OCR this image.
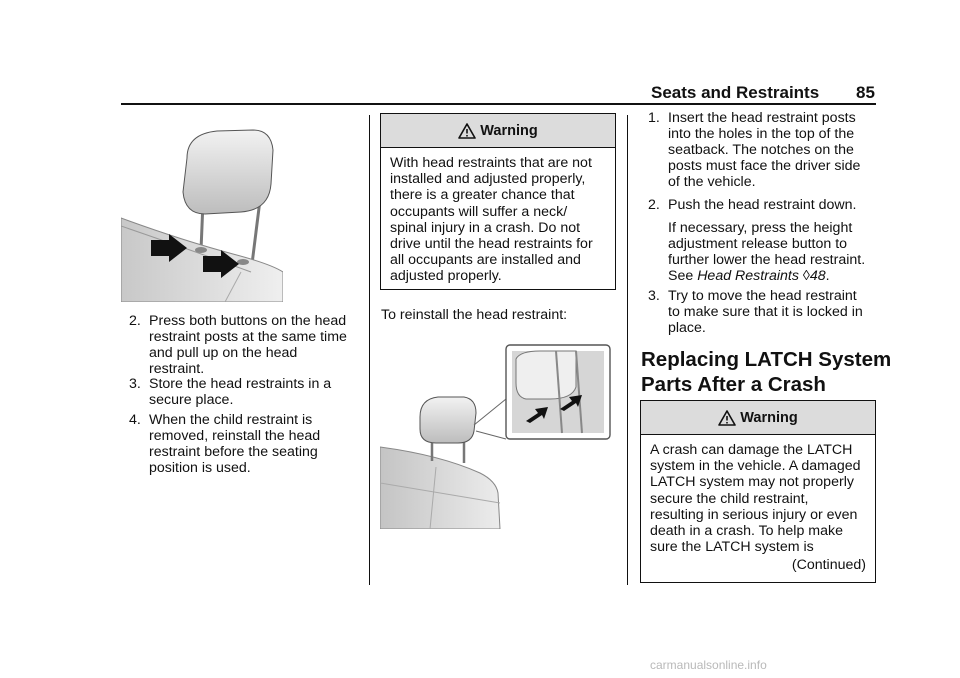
Seats and Restraints 85
2. Press both buttons on the head
restraint posts at the same time
and pull up on the head
restraint.
3. Store the head restraints in a
secure place.
4. When the child restraint is
removed, reinstall the head
restraint before the seating
position is used.
Warning
With head restraints that are not
installed and adjusted properly,
there is a greater chance that
occupants will suffer a neck/
spinal injury in a crash. Do not
drive until the head restraints for
all occupants are installed and
adjusted properly.
To reinstall the head restraint:
1. Insert the head restraint posts
into the holes in the top of the
seatback. The notches on the
posts must face the driver side
of the vehicle.
2. Push the head restraint down.
If necessary, press the height
adjustment release button to
further lower the head restraint.
See Head Restraints ◊48.
3. Try to move the head restraint
to make sure that it is locked in
place.
Replacing LATCH System
Parts After a Crash
Warning
A crash can damage the LATCH
system in the vehicle. A damaged
LATCH system may not properly
secure the child restraint,
resulting in serious injury or even
death in a crash. To help make
sure the LATCH system is
(Continued)
carmanualsonline.info
